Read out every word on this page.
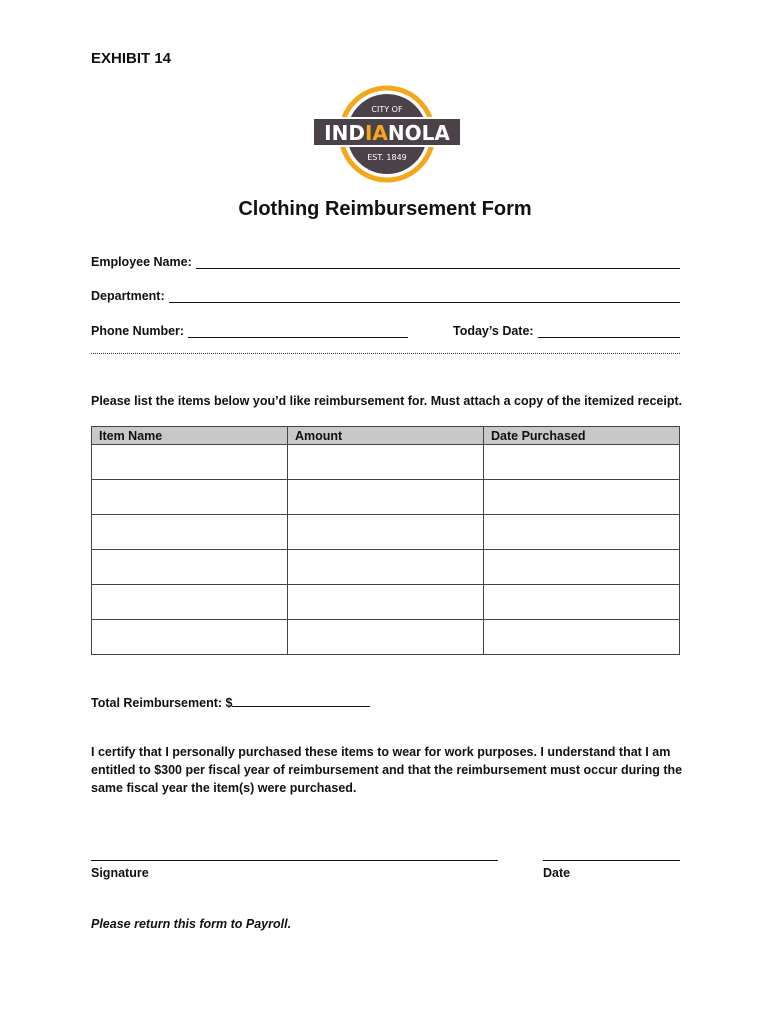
EXHIBIT 14
CITY OF
INDIANOLA
EST. 1849
Clothing Reimbursement Form
Employee Name:
Department:
Phone Number:	Today’s Date:
Please list the items below you’d like reimbursement for. Must attach a copy of the itemized receipt.
Item Name	Amount	Date Purchased

Total Reimbursement: $
I certify that I personally purchased these items to wear for work purposes. I understand that I am entitled to $300 per fiscal year of reimbursement and that the reimbursement must occur during the same fiscal year the item(s) were purchased.
Signature	Date
Please return this form to Payroll.
